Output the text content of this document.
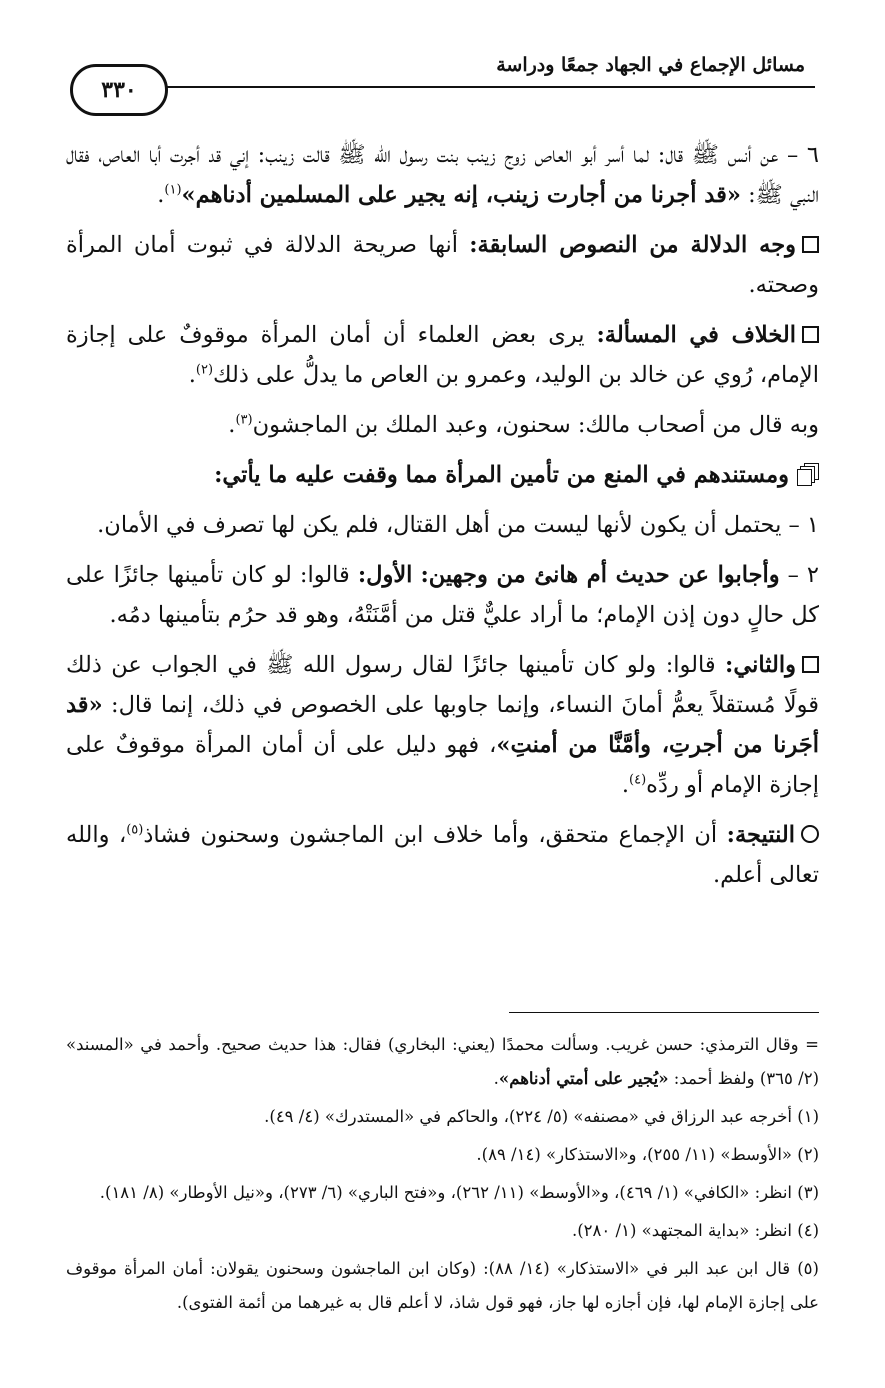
مسائل الإجماع في الجهاد جمعًا ودراسة
٣٣٠

٦ – عن أنس ﷺ قال: لما أسر أبو العاص زوج زينب بنت رسول الله ﷺ قالت زينب: إني قد أجرت أبا العاص، فقال النبي ﷺ: «قد أجرنا من أجارت زينب، إنه يجير على المسلمين أدناهم»$^{(١)}$.

وجه الدلالة من النصوص السابقة: أنها صريحة الدلالة في ثبوت أمان المرأة وصحته.

الخلاف في المسألة: يرى بعض العلماء أن أمان المرأة موقوفٌ على إجازة الإمام، رُوي عن خالد بن الوليد، وعمرو بن العاص ما يدلُّ على ذلك$^{(٢)}$.

وبه قال من أصحاب مالك: سحنون، وعبد الملك بن الماجشون$^{(٣)}$.

ومستندهم في المنع من تأمين المرأة مما وقفت عليه ما يأتي:

١ – يحتمل أن يكون لأنها ليست من أهل القتال، فلم يكن لها تصرف في الأمان.

٢ – وأجابوا عن حديث أم هانئ من وجهين: الأول: قالوا: لو كان تأمينها جائزًا على كل حالٍ دون إذن الإمام؛ ما أراد عليٌّ قتل من أمَّنَتْهُ، وهو قد حرُم بتأمينها دمُه.

والثاني: قالوا: ولو كان تأمينها جائزًا لقال رسول الله ﷺ في الجواب عن ذلك قولًا مُستقلاً يعمُّ أمانَ النساء، وإنما جاوبها على الخصوص في ذلك، إنما قال: «قد أجَرنا من أجرتِ، وأمَّنَّا من أمنتِ»، فهو دليل على أن أمان المرأة موقوفٌ على إجازة الإمام أو ردِّه$^{(٤)}$.

النتيجة: أن الإجماع متحقق، وأما خلاف ابن الماجشون وسحنون فشاذ$^{(٥)}$، والله تعالى أعلم.

= وقال الترمذي: حسن غريب. وسألت محمدًا (يعني: البخاري) فقال: هذا حديث صحيح. وأحمد في «المسند» (٢/ ٣٦٥) ولفظ أحمد: «يُجير على أمتي أدناهم».

(١) أخرجه عبد الرزاق في «مصنفه» (٥/ ٢٢٤)، والحاكم في «المستدرك» (٤/ ٤٩).

(٢) «الأوسط» (١١/ ٢٥٥)، و«الاستذكار» (١٤/ ٨٩).

(٣) انظر: «الكافي» (١/ ٤٦٩)، و«الأوسط» (١١/ ٢٦٢)، و«فتح الباري» (٦/ ٢٧٣)، و«نيل الأوطار» (٨/ ١٨١).

(٤) انظر: «بداية المجتهد» (١/ ٢٨٠).

(٥) قال ابن عبد البر في «الاستذكار» (١٤/ ٨٨): (وكان ابن الماجشون وسحنون يقولان: أمان المرأة موقوف على إجازة الإمام لها، فإن أجازه لها جاز، فهو قول شاذ، لا أعلم قال به غيرهما من أئمة الفتوى).
